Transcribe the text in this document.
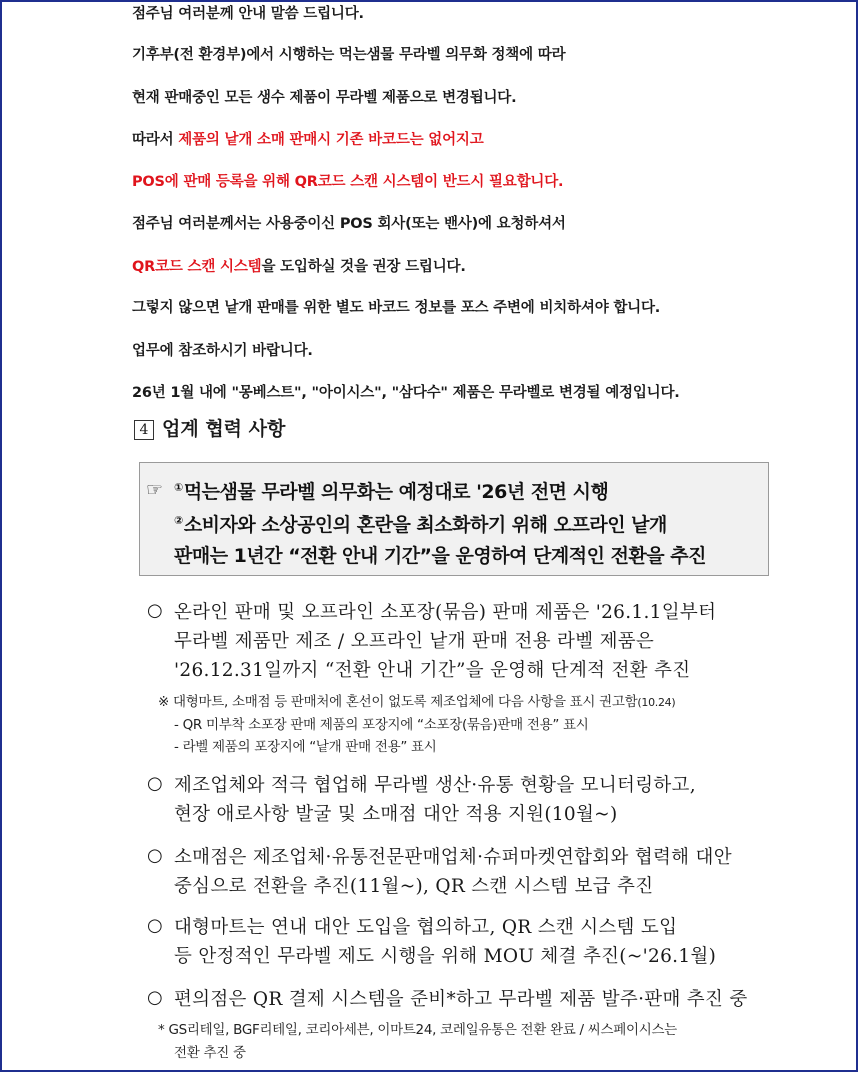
점주님 여러분께 안내 말씀 드립니다.
기후부(전 환경부)에서 시행하는 먹는샘물 무라벨 의무화 정책에 따라
현재 판매중인 모든 생수 제품이 무라벨 제품으로 변경됩니다.
따라서 제품의 낱개 소매 판매시 기존 바코드는 없어지고
POS에 판매 등록을 위해 QR코드 스캔 시스템이 반드시 필요합니다.
점주님 여러분께서는 사용중이신 POS 회사(또는 밴사)에 요청하셔서
QR코드 스캔 시스템을 도입하실 것을 권장 드립니다.
그렇지 않으면 낱개 판매를 위한 별도 바코드 정보를 포스 주변에 비치하셔야 합니다.
업무에 참조하시기 바랍니다.
26년 1월 내에 "몽베스트", "아이시스", "삼다수" 제품은 무라벨로 변경될 예정입니다.
4 업계 협력 사항
☞ ①먹는샘물 무라벨 의무화는 예정대로 '26년 전면 시행
②소비자와 소상공인의 혼란을 최소화하기 위해 오프라인 낱개
판매는 1년간 “전환 안내 기간”을 운영하여 단계적인 전환을 추진
○ 온라인 판매 및 오프라인 소포장(묶음) 판매 제품은 '26.1.1일부터
무라벨 제품만 제조 / 오프라인 낱개 판매 전용 라벨 제품은
'26.12.31일까지 “전환 안내 기간”을 운영해 단계적 전환 추진
※ 대형마트, 소매점 등 판매처에 혼선이 없도록 제조업체에 다음 사항을 표시 권고함(10.24)
- QR 미부착 소포장 판매 제품의 포장지에 “소포장(묶음)판매 전용” 표시
- 라벨 제품의 포장지에 “낱개 판매 전용” 표시
○ 제조업체와 적극 협업해 무라벨 생산·유통 현황을 모니터링하고,
현장 애로사항 발굴 및 소매점 대안 적용 지원(10월~)
○ 소매점은 제조업체·유통전문판매업체·슈퍼마켓연합회와 협력해 대안
중심으로 전환을 추진(11월~), QR 스캔 시스템 보급 추진
○ 대형마트는 연내 대안 도입을 협의하고, QR 스캔 시스템 도입
등 안정적인 무라벨 제도 시행을 위해 MOU 체결 추진(~'26.1월)
○ 편의점은 QR 결제 시스템을 준비*하고 무라벨 제품 발주·판매 추진 중
* GS리테일, BGF리테일, 코리아세븐, 이마트24, 코레일유통은 전환 완료 / 씨스페이시스는
전환 추진 중
